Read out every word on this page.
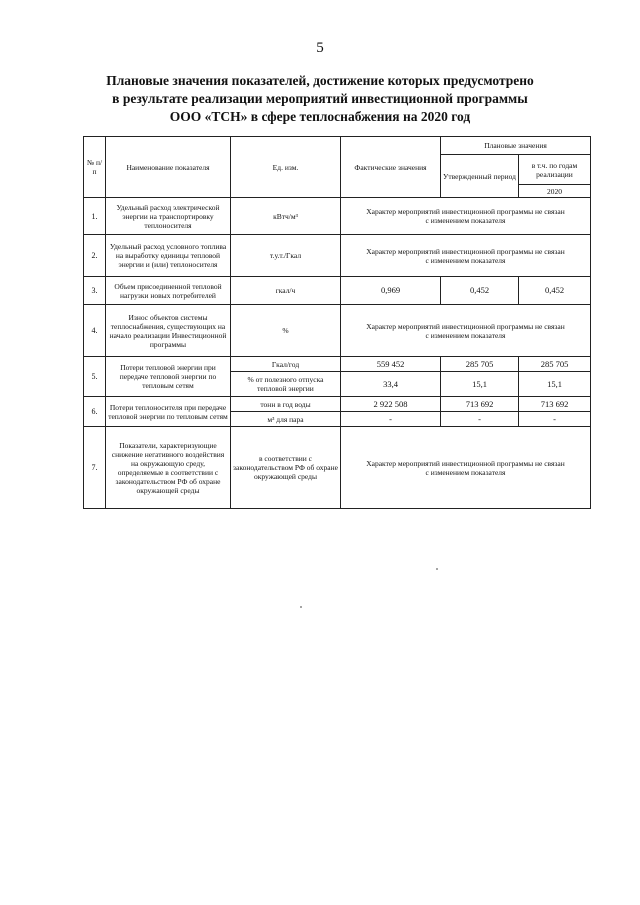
5
Плановые значения показателей, достижение которых предусмотрено
в результате реализации мероприятий инвестиционной программы
ООО «ТСН» в сфере теплоснабжения на 2020 год
№ п/п	Наименование показателя	Ед. изм.	Фактические значения	Плановые значения	
				Утвержденный период	в т.ч. по годам реализации
					2020
1.	Удельный расход электрической энергии на транспортировку теплоносителя	кВтч/м³	Характер мероприятий инвестиционной программы не связан
с изменением показателя		

2.	Удельный расход условного топлива на выработку единицы тепловой энергии и (или) теплоносителя	т.у.т./Гкал	Характер мероприятий инвестиционной программы не связан
с изменением показателя		

3.	Объем присоединенной тепловой нагрузки новых потребителей	гкал/ч	0,969	0,452	0,452
4.	Износ объектов системы теплоснабжения, существующих на начало реализации Инвестиционной программы	%	Характер мероприятий инвестиционной программы не связан
с изменением показателя		

5.	Потери тепловой энергии при передаче тепловой энергии по тепловым сетям	Гкал/год	559 452	285 705	285 705
		% от полезного отпуска тепловой энергии	33,4	15,1	15,1
6.	Потери теплоносителя при передаче тепловой энергии по тепловым сетям	тонн в год воды	2 922 508	713 692	713 692
		м³ для пара	-	-	-
7.	Показатели, характеризующие снижение негативного воздействия на окружающую среду, определяемые в соответствии с законодательством РФ об охране окружающей среды	в соответствии с законодательством РФ об охране окружающей среды	Характер мероприятий инвестиционной программы не связан
с изменением показателя		
